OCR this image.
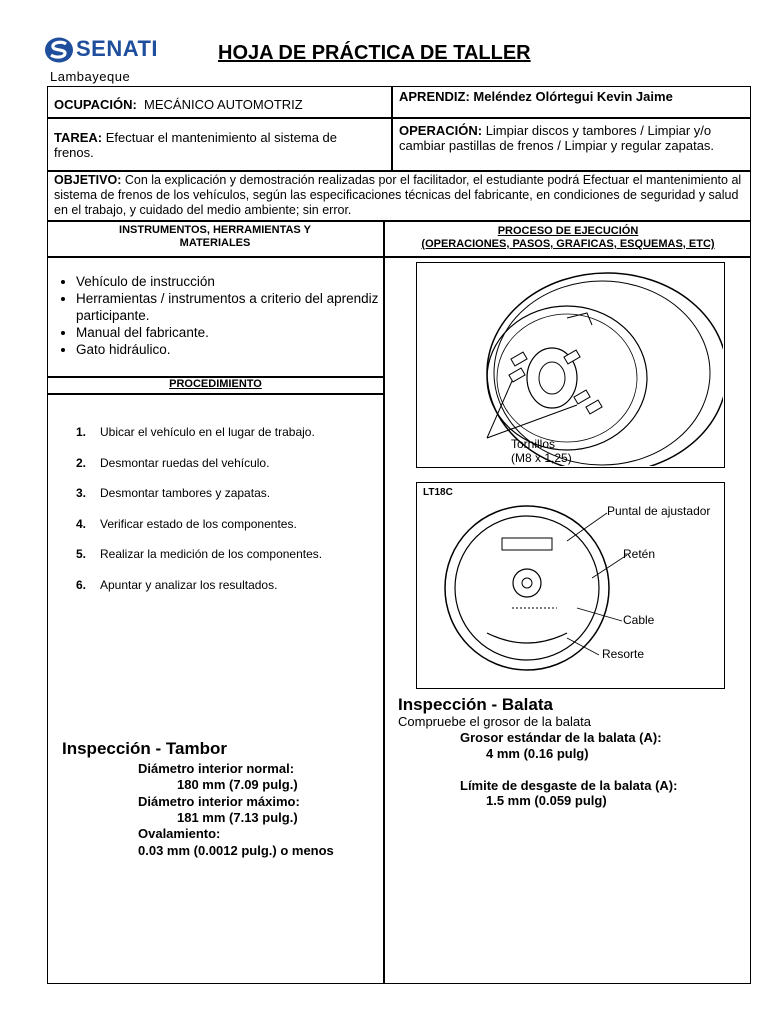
SENATI
Lambayeque
HOJA DE PRÁCTICA DE TALLER
OCUPACIÓN: MECÁNICO AUTOMOTRIZ
APRENDIZ: Meléndez Olórtegui Kevin Jaime
TAREA: Efectuar el mantenimiento al sistema de frenos.
OPERACIÓN: Limpiar discos y tambores / Limpiar y/o cambiar pastillas de frenos / Limpiar y regular zapatas.
OBJETIVO: Con la explicación y demostración realizadas por el facilitador, el estudiante podrá Efectuar el mantenimiento al sistema de frenos de los vehículos, según las especificaciones técnicas del fabricante, en condiciones de seguridad y salud en el trabajo, y cuidado del medio ambiente; sin error.
INSTRUMENTOS, HERRAMIENTAS Y MATERIALES
PROCEDIMIENTO
PROCESO DE EJECUCIÓN
(OPERACIONES, PASOS, GRAFICAS, ESQUEMAS, ETC)
• Vehículo de instrucción
• Herramientas / instrumentos a criterio del aprendiz participante.
• Manual del fabricante.
• Gato hidráulico.
1. Ubicar el vehículo en el lugar de trabajo.
2. Desmontar ruedas del vehículo.
3. Desmontar tambores y zapatas.
4. Verificar estado de los componentes.
5. Realizar la medición de los componentes.
6. Apuntar y analizar los resultados.
Inspección - Tambor
Diámetro interior normal:
180 mm (7.09 pulg.)
Diámetro interior máximo:
181 mm (7.13 pulg.)
Ovalamiento:
0.03 mm (0.0012 pulg.) o menos
Tornillos
(M8 x 1,25)
LT18C
Puntal de ajustador
Retén
Cable
Resorte
Inspección - Balata
Compruebe el grosor de la balata
Grosor estándar de la balata (A):
4 mm (0.16 pulg)
Límite de desgaste de la balata (A):
1.5 mm (0.059 pulg)
